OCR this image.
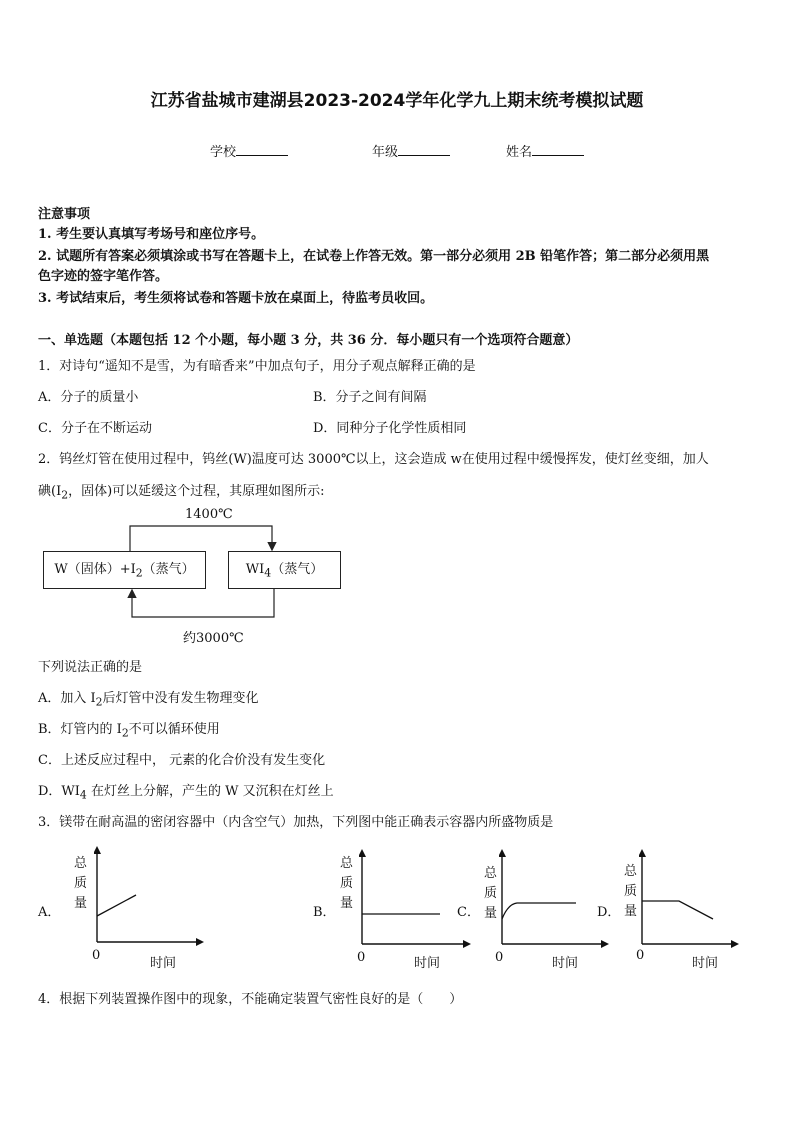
江苏省盐城市建湖县2023-2024学年化学九上期末统考模拟试题
学校	年级	姓名
注意事项
1. 考生要认真填写考场号和座位序号。
2. 试题所有答案必须填涂或书写在答题卡上，在试卷上作答无效。第一部分必须用 2B 铅笔作答；第二部分必须用黑
色字迹的签字笔作答。
3. 考试结束后，考生须将试卷和答题卡放在桌面上，待监考员收回。
一、单选题（本题包括 12 个小题，每小题 3 分，共 36 分．每小题只有一个选项符合题意）
1．对诗句“遥知不是雪，为有暗香来”中加点句子，用分子观点解释正确的是
A．分子的质量小	B．分子之间有间隔
C．分子在不断运动	D．同种分子化学性质相同
2．钨丝灯管在使用过程中，钨丝(W)温度可达 3000℃以上，这会造成 w在使用过程中缓慢挥发，使灯丝变细，加人
碘($I_2$，固体)可以延缓这个过程，其原理如图所示:
W（固体）$+I_2$（蒸气）	$WI_4$（蒸气）
1400℃
约3000℃
下列说法正确的是
A．加入 $I_2$后灯管中没有发生物理变化
B．灯管内的 $I_2$不可以循环使用
C．上述反应过程中， 元素的化合价没有发生变化
D．$WI_4$ 在灯丝上分解，产生的 W 又沉积在灯丝上
3．镁带在耐高温的密闭容器中（内含空气）加热，下列图中能正确表示容器内所盛物质是
A．
总
质
量
0
时间
B．
总
质
量
0	时间
C．
总
质
量
0	时间
D．
总
质
量
0
时间
4．根据下列装置操作图中的现象，不能确定装置气密性良好的是（　　）
